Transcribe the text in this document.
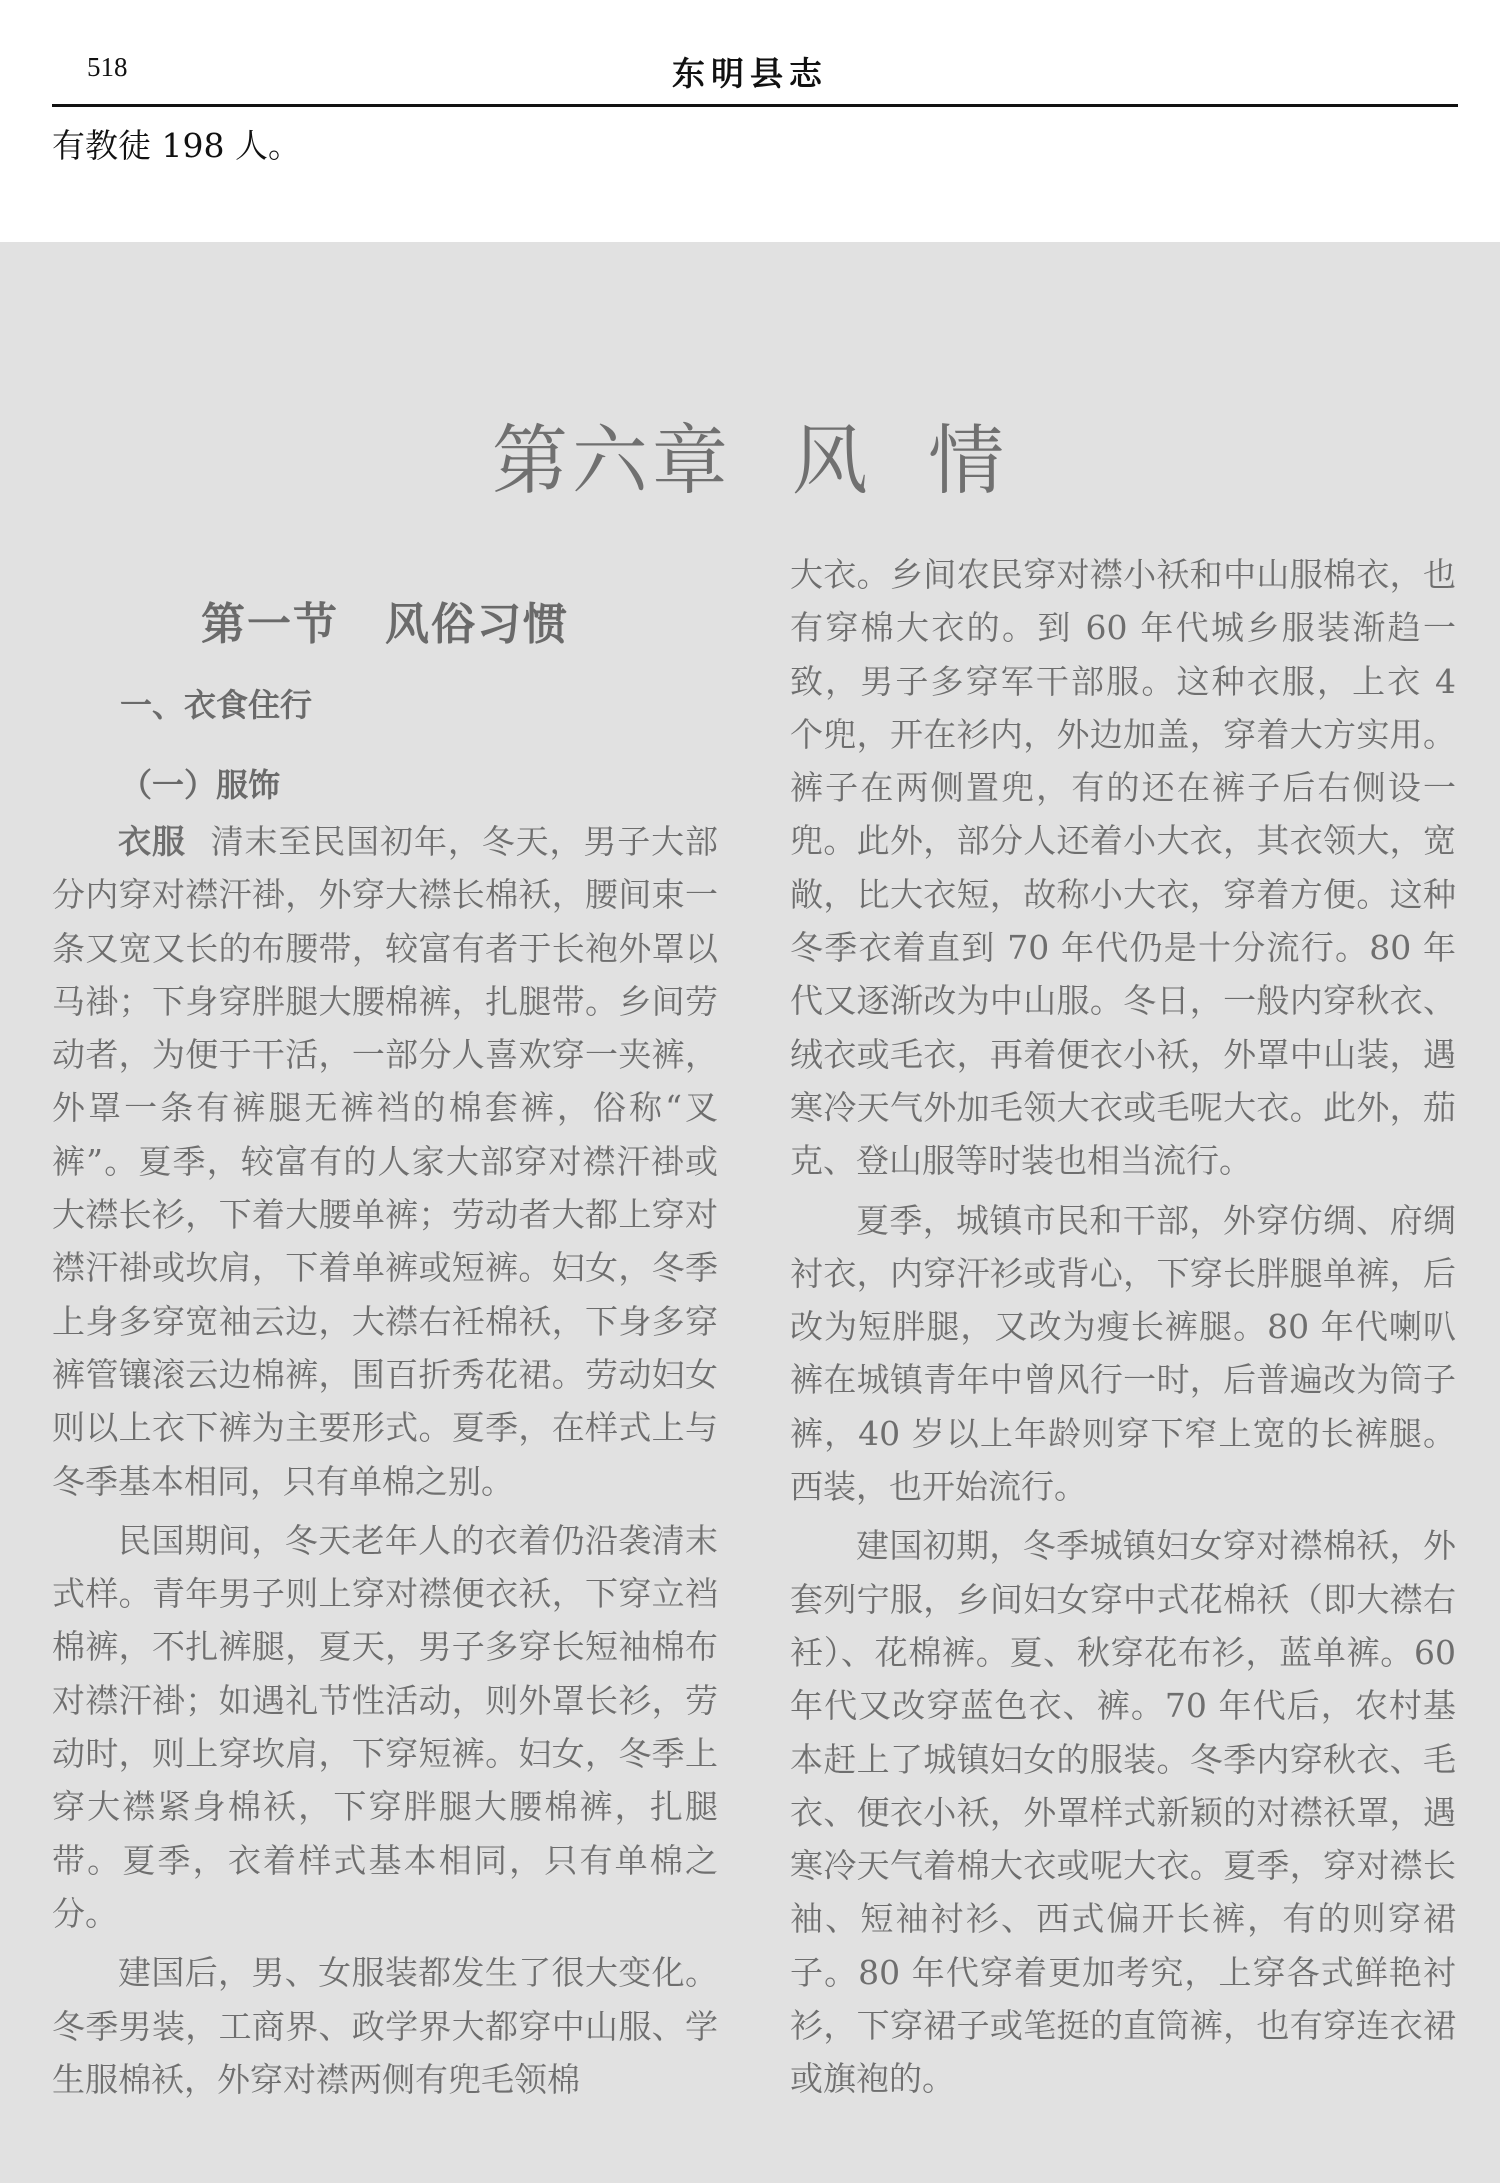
518	东明县志
有教徒 198 人。
第六章 风  情
第一节　风俗习惯
一、衣食住行
（一）服饰

衣服 清末至民国初年，冬天，男子大部分内穿对襟汗褂，外穿大襟长棉袄，腰间束一条又宽又长的布腰带，较富有者于长袍外罩以马褂；下身穿胖腿大腰棉裤，扎腿带。乡间劳动者，为便于干活，一部分人喜欢穿一夹裤，外罩一条有裤腿无裤裆的棉套裤，俗称“叉裤”。夏季，较富有的人家大部穿对襟汗褂或大襟长衫，下着大腰单裤；劳动者大都上穿对襟汗褂或坎肩，下着单裤或短裤。妇女，冬季上身多穿宽袖云边，大襟右衽棉袄，下身多穿裤管镶滚云边棉裤，围百折秀花裙。劳动妇女则以上衣下裤为主要形式。夏季，在样式上与冬季基本相同，只有单棉之别。

民国期间，冬天老年人的衣着仍沿袭清末式样。青年男子则上穿对襟便衣袄，下穿立裆棉裤，不扎裤腿，夏天，男子多穿长短袖棉布对襟汗褂；如遇礼节性活动，则外罩长衫，劳动时，则上穿坎肩，下穿短裤。妇女，冬季上穿大襟紧身棉袄，下穿胖腿大腰棉裤，扎腿带。夏季，衣着样式基本相同，只有单棉之分。

建国后，男、女服装都发生了很大变化。冬季男装，工商界、政学界大都穿中山服、学生服棉袄，外穿对襟两侧有兜毛领棉

大衣。乡间农民穿对襟小袄和中山服棉衣，也有穿棉大衣的。到 60 年代城乡服装渐趋一致，男子多穿军干部服。这种衣服，上衣 4 个兜，开在衫内，外边加盖，穿着大方实用。裤子在两侧置兜，有的还在裤子后右侧设一兜。此外，部分人还着小大衣，其衣领大，宽敞，比大衣短，故称小大衣，穿着方便。这种冬季衣着直到 70 年代仍是十分流行。80 年代又逐渐改为中山服。冬日，一般内穿秋衣、绒衣或毛衣，再着便衣小袄，外罩中山装，遇寒冷天气外加毛领大衣或毛呢大衣。此外，茄克、登山服等时装也相当流行。

夏季，城镇市民和干部，外穿仿绸、府绸衬衣，内穿汗衫或背心，下穿长胖腿单裤，后改为短胖腿，又改为瘦长裤腿。80 年代喇叭裤在城镇青年中曾风行一时，后普遍改为筒子裤，40 岁以上年龄则穿下窄上宽的长裤腿。西装，也开始流行。

建国初期，冬季城镇妇女穿对襟棉袄，外套列宁服，乡间妇女穿中式花棉袄（即大襟右衽）、花棉裤。夏、秋穿花布衫，蓝单裤。60 年代又改穿蓝色衣、裤。70 年代后，农村基本赶上了城镇妇女的服装。冬季内穿秋衣、毛衣、便衣小袄，外罩样式新颖的对襟袄罩，遇寒冷天气着棉大衣或呢大衣。夏季，穿对襟长袖、短袖衬衫、西式偏开长裤，有的则穿裙子。80 年代穿着更加考究，上穿各式鲜艳衬衫，下穿裙子或笔挺的直筒裤，也有穿连衣裙或旗袍的。
